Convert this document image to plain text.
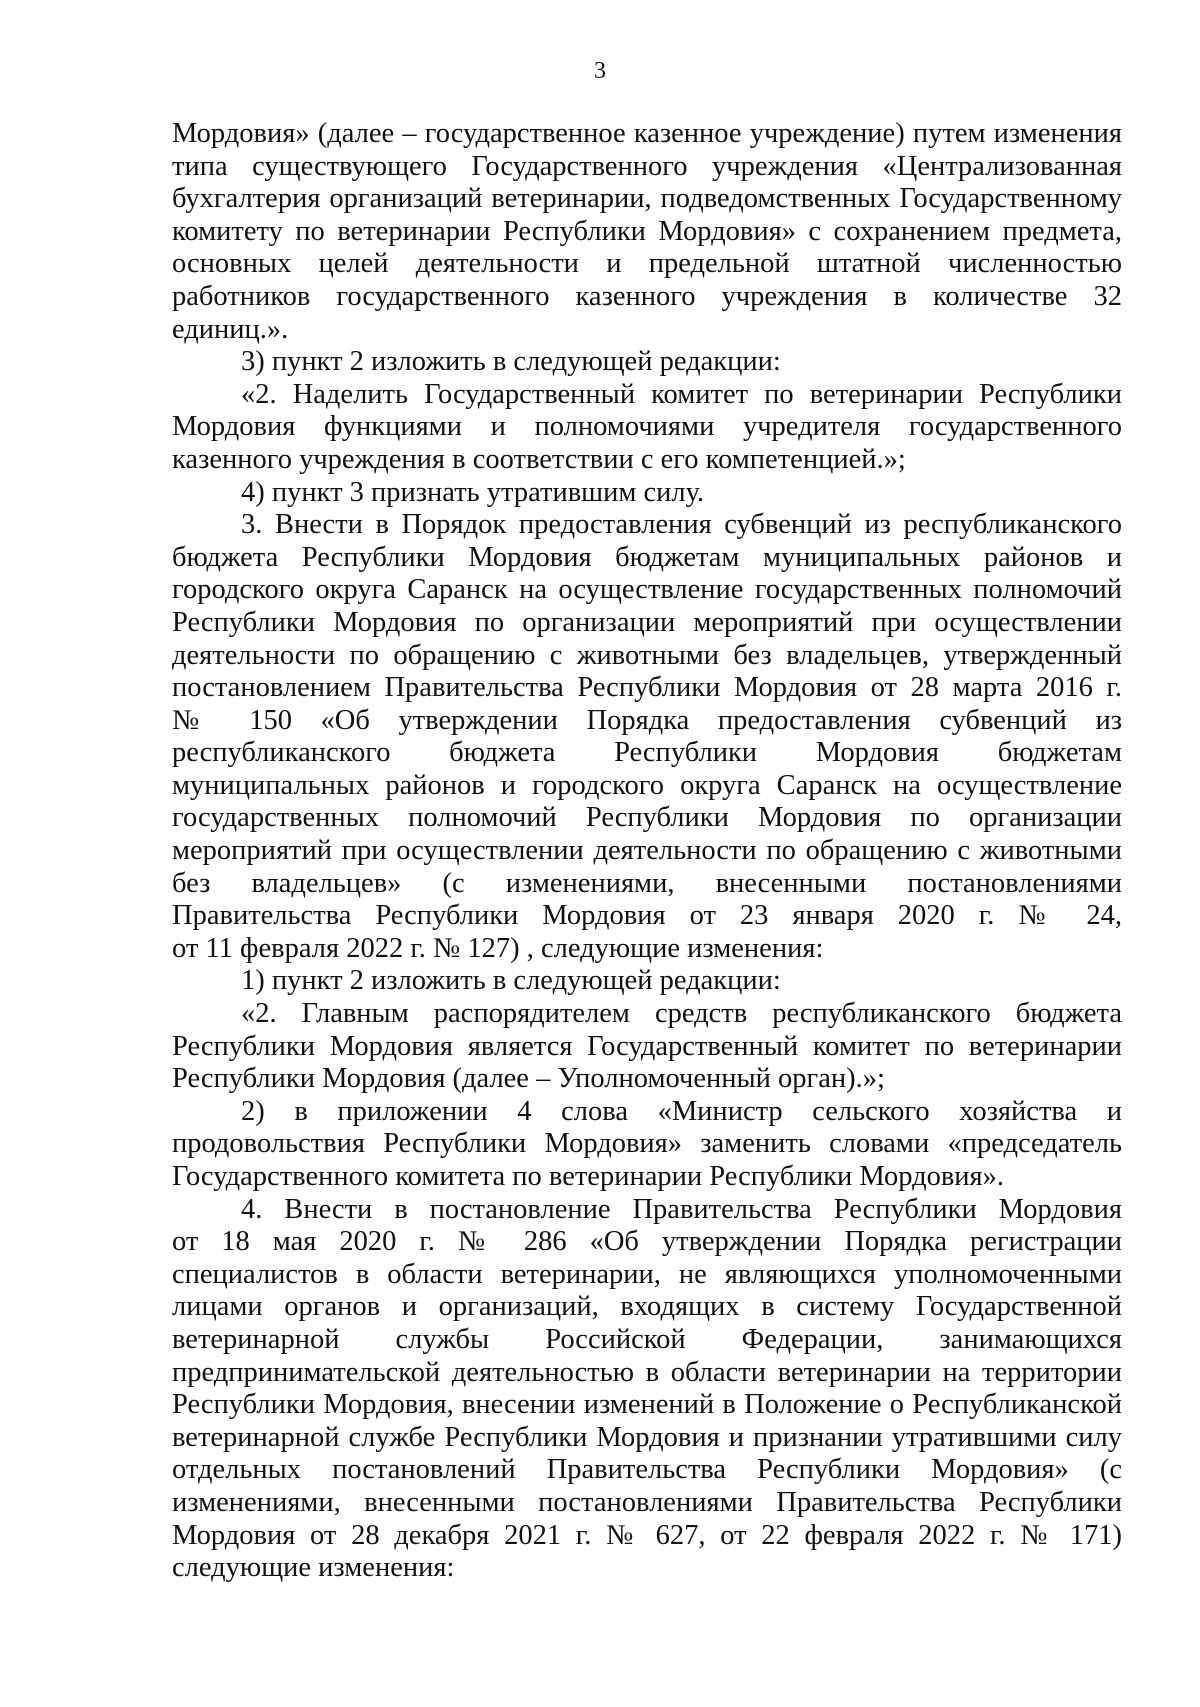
3
Мордовия» (далее – государственное казенное учреждение) путем изменения
типа существующего Государственного учреждения «Централизованная
бухгалтерия организаций ветеринарии, подведомственных Государственному
комитету по ветеринарии Республики Мордовия» с сохранением предмета,
основных целей деятельности и предельной штатной численностью
работников государственного казенного учреждения в количестве 32
единиц.».
3) пункт 2 изложить в следующей редакции:
«2. Наделить Государственный комитет по ветеринарии Республики
Мордовия функциями и полномочиями учредителя государственного
казенного учреждения в соответствии с его компетенцией.»;
4) пункт 3 признать утратившим силу.
3. Внести в Порядок предоставления субвенций из республиканского
бюджета Республики Мордовия бюджетам муниципальных районов и
городского округа Саранск на осуществление государственных полномочий
Республики Мордовия по организации мероприятий при осуществлении
деятельности по обращению с животными без владельцев, утвержденный
постановлением Правительства Республики Мордовия от 28 марта 2016 г.
№ 150 «Об утверждении Порядка предоставления субвенций из
республиканского бюджета Республики Мордовия бюджетам
муниципальных районов и городского округа Саранск на осуществление
государственных полномочий Республики Мордовия по организации
мероприятий при осуществлении деятельности по обращению с животными
без владельцев» (с изменениями, внесенными постановлениями
Правительства Республики Мордовия от 23 января 2020 г. № 24,
от 11 февраля 2022 г. № 127) , следующие изменения:
1) пункт 2 изложить в следующей редакции:
«2. Главным распорядителем средств республиканского бюджета
Республики Мордовия является Государственный комитет по ветеринарии
Республики Мордовия (далее – Уполномоченный орган).»;
2) в приложении 4 слова «Министр сельского хозяйства и
продовольствия Республики Мордовия» заменить словами «председатель
Государственного комитета по ветеринарии Республики Мордовия».
4. Внести в постановление Правительства Республики Мордовия
от 18 мая 2020 г. № 286 «Об утверждении Порядка регистрации
специалистов в области ветеринарии, не являющихся уполномоченными
лицами органов и организаций, входящих в систему Государственной
ветеринарной службы Российской Федерации, занимающихся
предпринимательской деятельностью в области ветеринарии на территории
Республики Мордовия, внесении изменений в Положение о Республиканской
ветеринарной службе Республики Мордовия и признании утратившими силу
отдельных постановлений Правительства Республики Мордовия» (с
изменениями, внесенными постановлениями Правительства Республики
Мордовия от 28 декабря 2021 г. № 627, от 22 февраля 2022 г. № 171)
следующие изменения:
